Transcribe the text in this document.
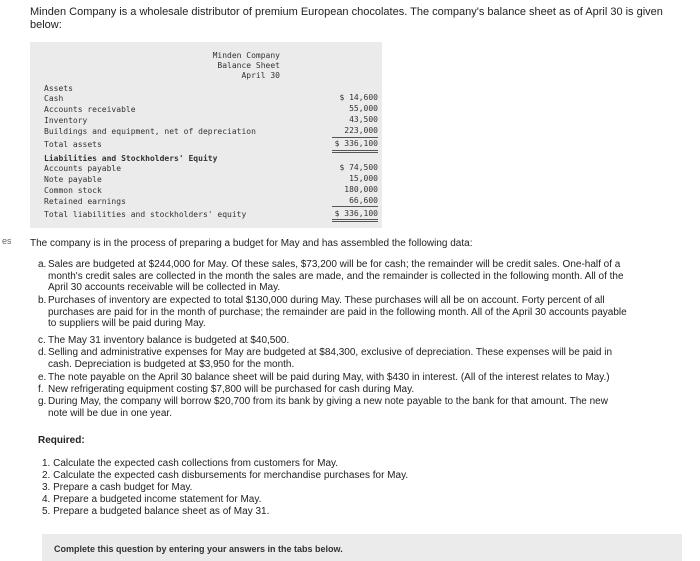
es
Minden Company is a wholesale distributor of premium European chocolates. The company's balance sheet as of April 30 is given below:
Minden Company
Balance Sheet
April 30
Assets
Cash	$ 14,600
Accounts receivable	55,000
Inventory	43,500
Buildings and equipment, net of depreciation	223,000
Total assets	$ 336,100
Liabilities and Stockholders' Equity
Accounts payable	$ 74,500
Note payable	15,000
Common stock	180,000
Retained earnings	66,600
Total liabilities and stockholders' equity	$ 336,100
The company is in the process of preparing a budget for May and has assembled the following data:
a. Sales are budgeted at $244,000 for May. Of these sales, $73,200 will be for cash; the remainder will be credit sales. One-half of a
month's credit sales are collected in the month the sales are made, and the remainder is collected in the following month. All of the
April 30 accounts receivable will be collected in May.
b. Purchases of inventory are expected to total $130,000 during May. These purchases will all be on account. Forty percent of all
purchases are paid for in the month of purchase; the remainder are paid in the following month. All of the April 30 accounts payable
to suppliers will be paid during May.
c. The May 31 inventory balance is budgeted at $40,500.
d. Selling and administrative expenses for May are budgeted at $84,300, exclusive of depreciation. These expenses will be paid in
cash. Depreciation is budgeted at $3,950 for the month.
e. The note payable on the April 30 balance sheet will be paid during May, with $430 in interest. (All of the interest relates to May.)
f. New refrigerating equipment costing $7,800 will be purchased for cash during May.
g. During May, the company will borrow $20,700 from its bank by giving a new note payable to the bank for that amount. The new
note will be due in one year.
Required:
1. Calculate the expected cash collections from customers for May.
2. Calculate the expected cash disbursements for merchandise purchases for May.
3. Prepare a cash budget for May.
4. Prepare a budgeted income statement for May.
5. Prepare a budgeted balance sheet as of May 31.
Complete this question by entering your answers in the tabs below.
